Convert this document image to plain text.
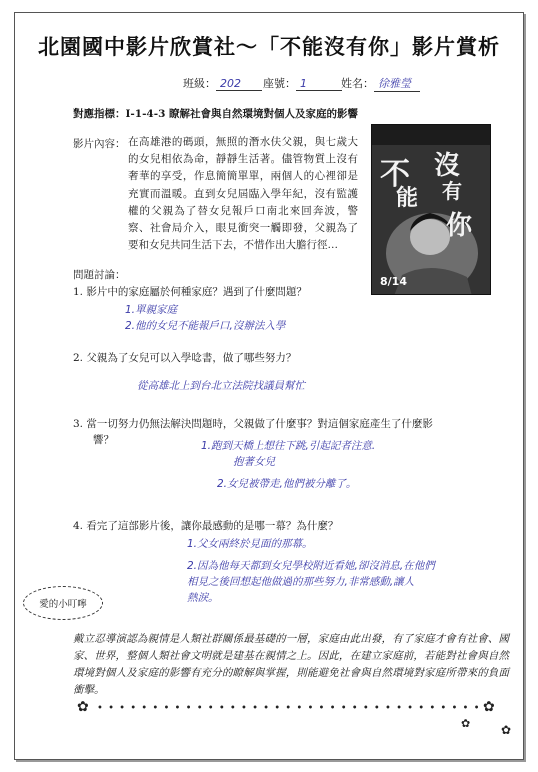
北園國中影片欣賞社～「不能沒有你」影片賞析
班級： 202	座號： 1	姓名： 徐雅瑩
對應指標：I-1-4-3 瞭解社會與自然環境對個人及家庭的影響
影片內容： 在高雄港的碼頭，無照的潛水伕父親，與七歲大的女兒相依為命，靜靜生活著。儘管物質上沒有奢華的享受，作息簡簡單單，兩個人的心裡卻是充實而溫暖。直到女兒屆臨入學年紀，沒有監護權的父親為了替女兒報戶口南北來回奔波，警察、社會局介入，眼見衝突一觸即發，父親為了要和女兒共同生活下去，不惜作出大膽行徑…
不
能
沒
有
你
8/14
問題討論：
1. 影片中的家庭屬於何種家庭？遇到了什麼問題？
1.單親家庭
2.他的女兒不能報戶口,沒辦法入學
2. 父親為了女兒可以入學唸書，做了哪些努力？
從高雄北上到台北立法院找議員幫忙
3. 當一切努力仍無法解決問題時，父親做了什麼事？對這個家庭產生了什麼影
響？	1.跑到天橋上想往下跳,引起記者注意.
抱著女兒
2.女兒被帶走,他們被分離了。
4. 看完了這部影片後，讓你最感動的是哪一幕？為什麼？
1.父女兩終於見面的那幕。
2.因為他每天都到女兒學校附近看她,卻沒消息,在他們
相見之後回想起他做過的那些努力,非常感動,讓人
熱淚。
愛的小叮嚀
戴立忍導演認為親情是人類社群關係最基礎的一層，家庭由此出發，有了家庭才會有社會、國家、世界，整個人類社會文明就是建基在親情之上。因此，在建立家庭前，若能對社會與自然環境對個人及家庭的影響有充分的瞭解與掌握，則能避免社會與自然環境對家庭所帶來的負面衝擊。
✿ • • • • • • • • • • • • • • • • • • • • • • • • • • • • • • • • • • • ✿
✿	✿
